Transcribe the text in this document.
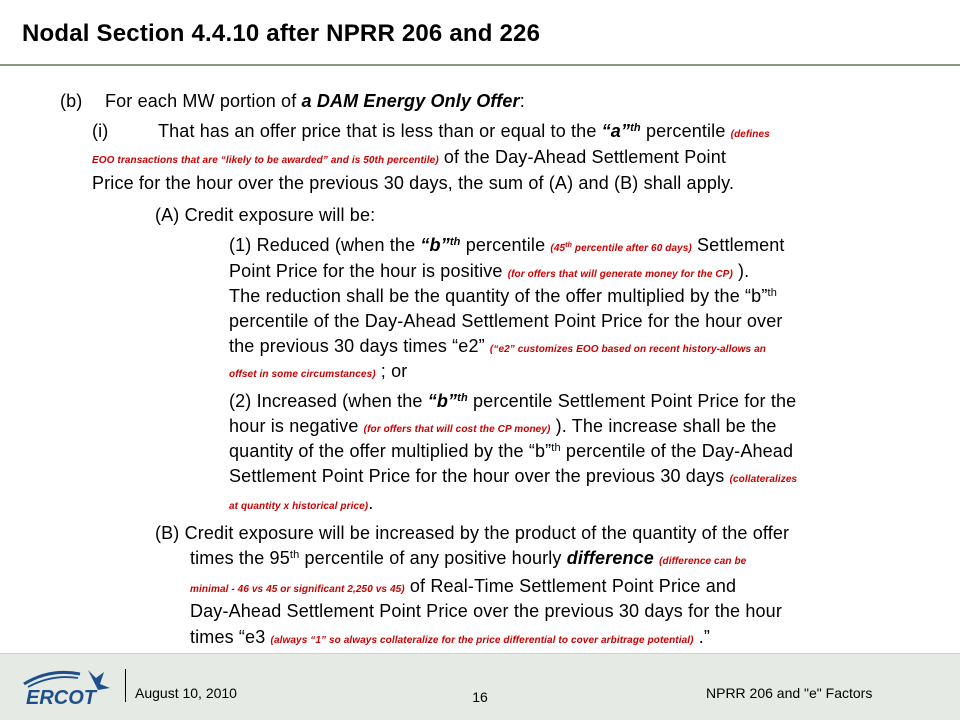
Nodal Section 4.4.10 after NPRR 206 and 226
(b) For each MW portion of a DAM Energy Only Offer:
(i)	That has an offer price that is less than or equal to the “a”$^{th}$ percentile (defines
EOO transactions that are “likely to be awarded” and is 50th percentile) of the Day-Ahead Settlement Point
Price for the hour over the previous 30 days, the sum of (A) and (B) shall apply.
(A) Credit exposure will be:
(1) Reduced (when the “b”$^{th}$ percentile (45th percentile after 60 days) Settlement
Point Price for the hour is positive (for offers that will generate money for the CP) ).
The reduction shall be the quantity of the offer multiplied by the “b”$^{th}$
percentile of the Day-Ahead Settlement Point Price for the hour over
the previous 30 days times “e2” (“e2” customizes EOO based on recent history-allows an
offset in some circumstances) ; or
(2) Increased (when the “b”$^{th}$ percentile Settlement Point Price for the
hour is negative (for offers that will cost the CP money) ). The increase shall be the
quantity of the offer multiplied by the “b”$^{th}$ percentile of the Day-Ahead
Settlement Point Price for the hour over the previous 30 days (collateralizes
at quantity x historical price).
(B) Credit exposure will be increased by the product of the quantity of the offer
times the 95th percentile of any positive hourly difference (difference can be
minimal - 46 vs 45 or significant 2,250 vs 45) of Real-Time Settlement Point Price and
Day-Ahead Settlement Point Price over the previous 30 days for the hour
times “e3 (always “1” so always collateralize for the price differential to cover arbitrage potential) .”
ERCOT	August 10, 2010	16	NPRR 206 and "e" Factors
